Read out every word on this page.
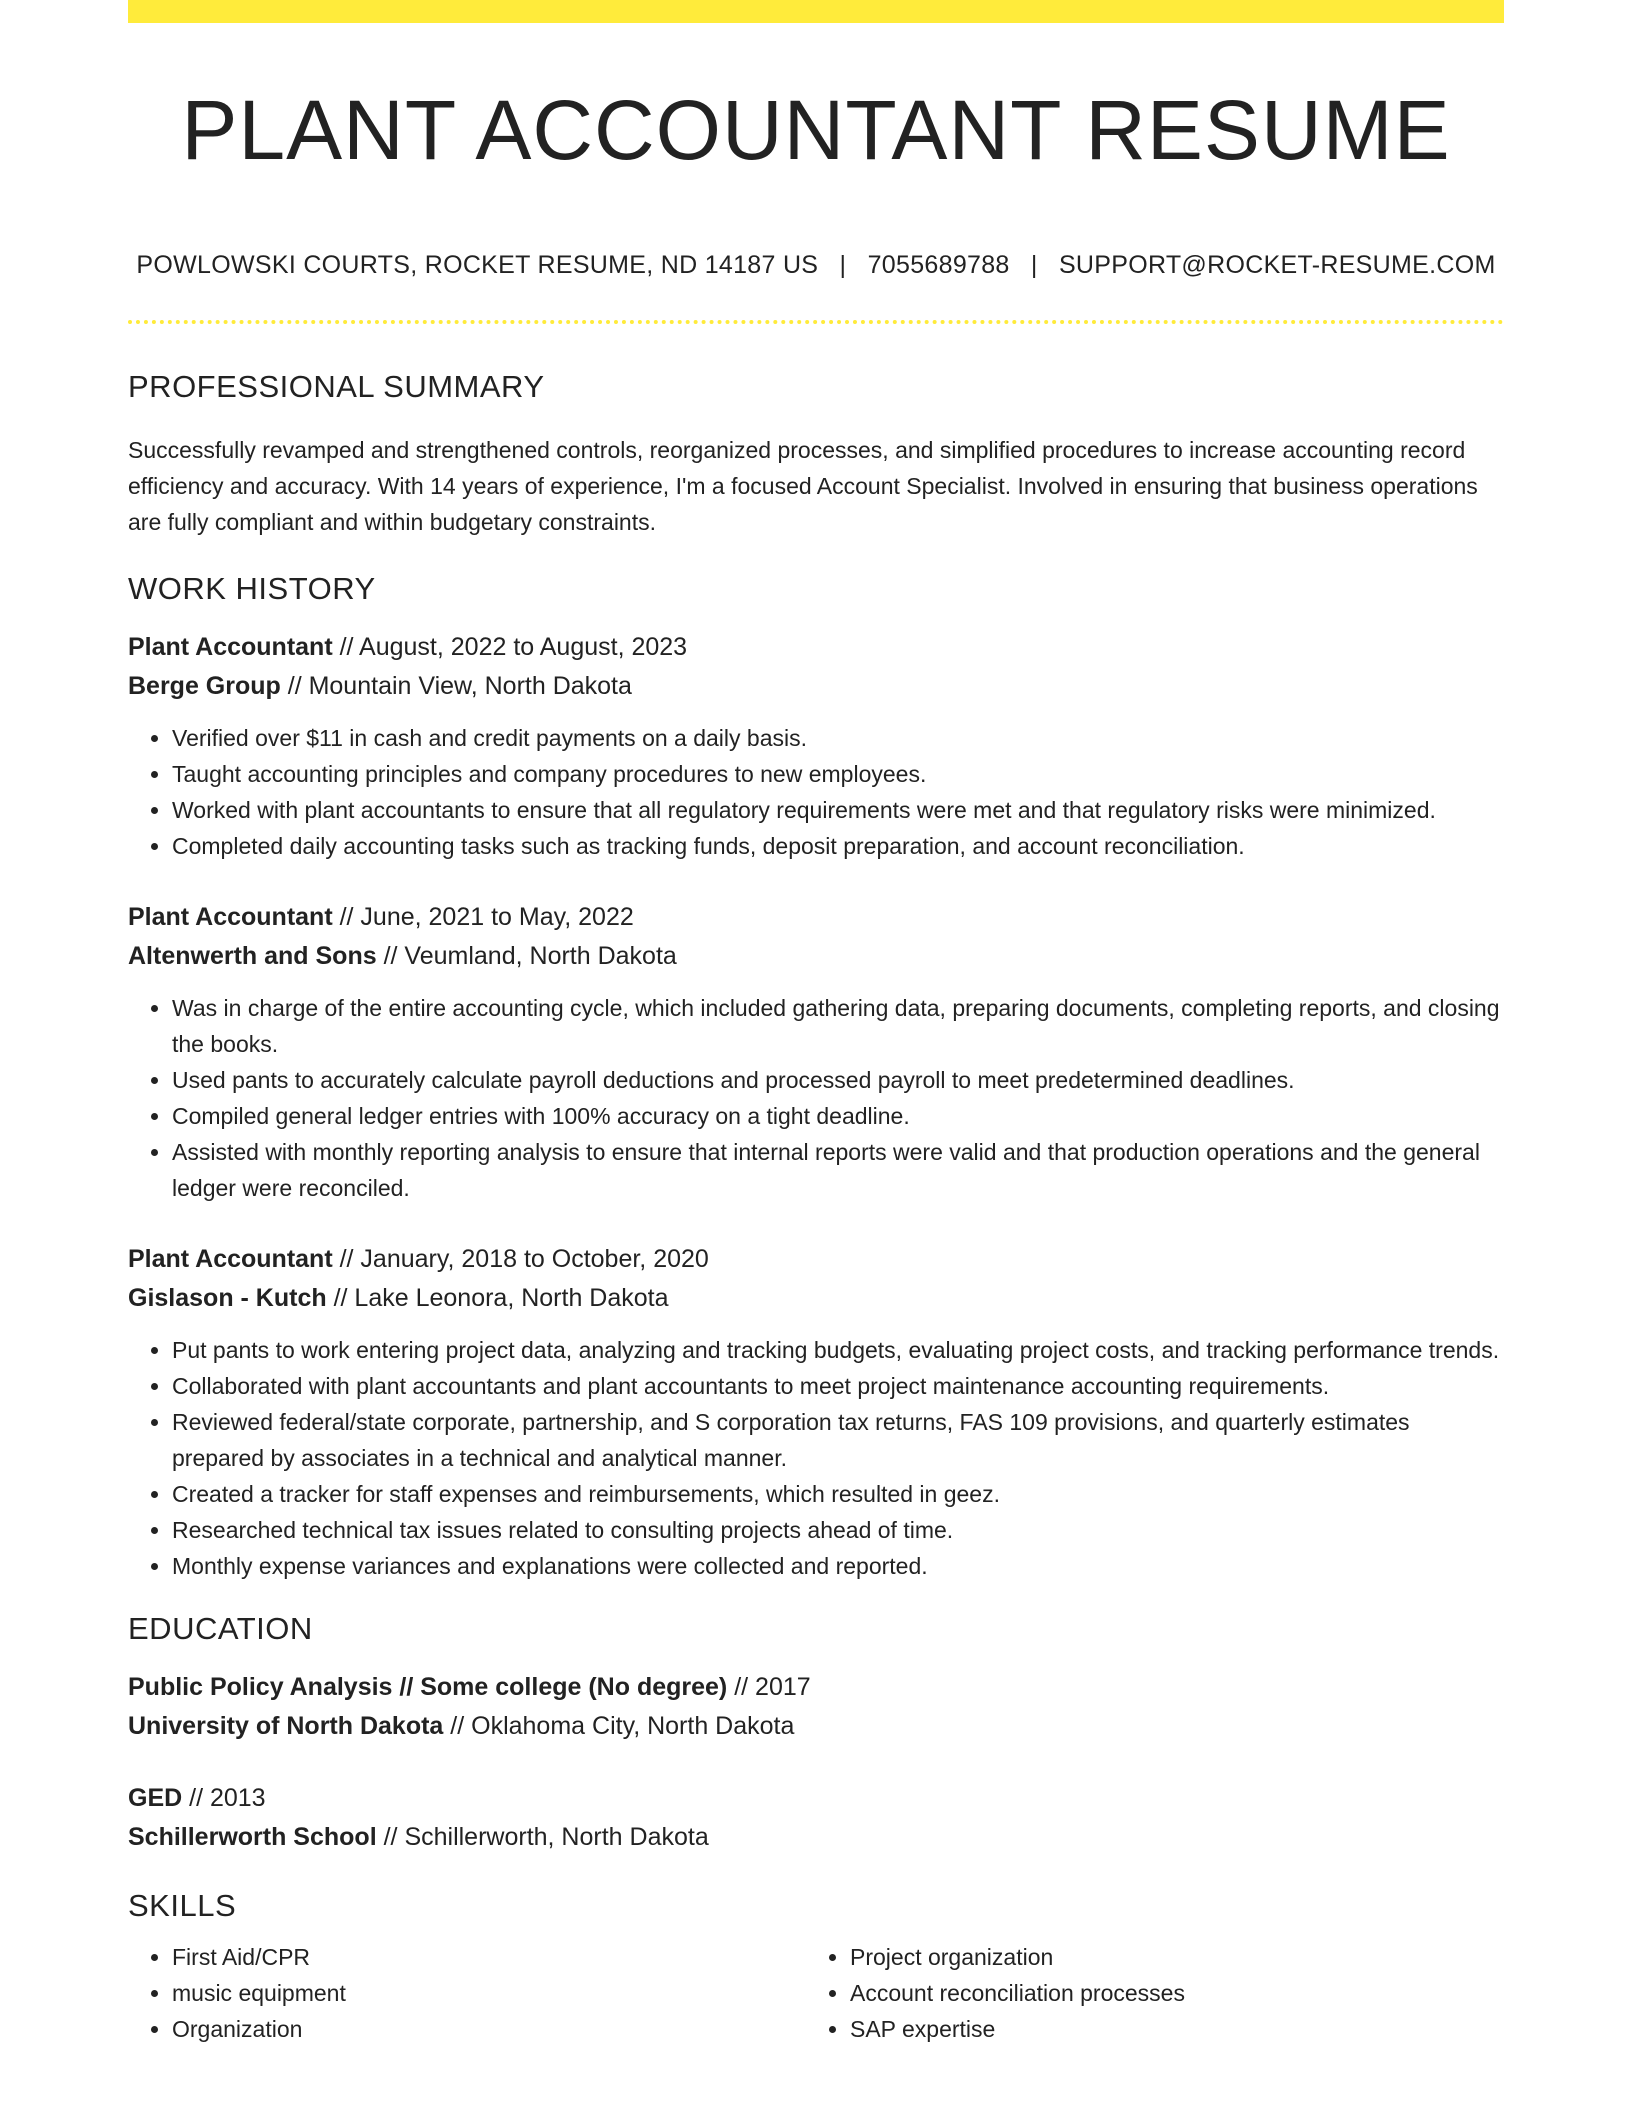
PLANT ACCOUNTANT RESUME
POWLOWSKI COURTS, ROCKET RESUME, ND 14187 US | 7055689788 | SUPPORT@ROCKET-RESUME.COM
PROFESSIONAL SUMMARY

Successfully revamped and strengthened controls, reorganized processes, and simplified procedures to increase accounting record efficiency and accuracy. With 14 years of experience, I'm a focused Account Specialist. Involved in ensuring that business operations are fully compliant and within budgetary constraints.

WORK HISTORY
Plant Accountant // August, 2022 to August, 2023
Berge Group // Mountain View, North Dakota
• Verified over $11 in cash and credit payments on a daily basis.
• Taught accounting principles and company procedures to new employees.
• Worked with plant accountants to ensure that all regulatory requirements were met and that regulatory risks were minimized.
• Completed daily accounting tasks such as tracking funds, deposit preparation, and account reconciliation.
Plant Accountant // June, 2021 to May, 2022
Altenwerth and Sons // Veumland, North Dakota
• Was in charge of the entire accounting cycle, which included gathering data, preparing documents, completing reports, and closing the books.
• Used pants to accurately calculate payroll deductions and processed payroll to meet predetermined deadlines.
• Compiled general ledger entries with 100% accuracy on a tight deadline.
• Assisted with monthly reporting analysis to ensure that internal reports were valid and that production operations and the general ledger were reconciled.
Plant Accountant // January, 2018 to October, 2020
Gislason - Kutch // Lake Leonora, North Dakota
• Put pants to work entering project data, analyzing and tracking budgets, evaluating project costs, and tracking performance trends.
• Collaborated with plant accountants and plant accountants to meet project maintenance accounting requirements.
• Reviewed federal/state corporate, partnership, and S corporation tax returns, FAS 109 provisions, and quarterly estimates prepared by associates in a technical and analytical manner.
• Created a tracker for staff expenses and reimbursements, which resulted in geez.
• Researched technical tax issues related to consulting projects ahead of time.
• Monthly expense variances and explanations were collected and reported.
EDUCATION
Public Policy Analysis // Some college (No degree) // 2017
University of North Dakota // Oklahoma City, North Dakota
GED // 2013
Schillerworth School // Schillerworth, North Dakota
SKILLS
• First Aid/CPR
• music equipment
• Organization
• Project organization
• Account reconciliation processes
• SAP expertise
